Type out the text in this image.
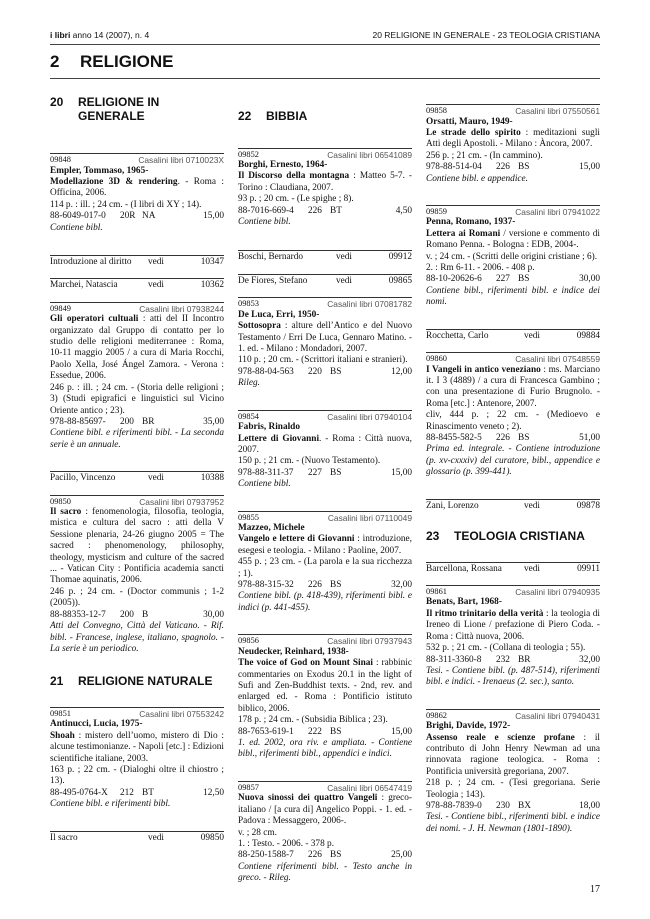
i libri anno 14 (2007), n. 4	20 RELIGIONE IN GENERALE - 23 TEOLOGIA CRISTIANA
2 RELIGIONE
20	RELIGIONE IN GENERALE
09848	Casalini libri 0710023X
Empler, Tommaso, 1965-
Modellazione 3D & rendering. - Roma : Officina, 2006.
114 p. : ill. ; 24 cm. - (I libri di XY ; 14).
88-6049-017-0	20R NA	15,00
Contiene bibl.
Introduzione al diritto	vedi	10347
Marchei, Natascia	vedi	10362
09849	Casalini libri 07938244
Gli operatori cultuali : atti del II Incontro organizzato dal Gruppo di contatto per lo studio delle religioni mediterranee : Roma, 10-11 maggio 2005 / a cura di Maria Rocchi, Paolo Xella, José Ángel Zamora. - Verona : Essedue, 2006.
246 p. : ill. ; 24 cm. - (Storia delle religioni ; 3) (Studi epigrafici e linguistici sul Vicino Oriente antico ; 23).
978-88-85697-	200 BR	35,00
Contiene bibl. e riferimenti bibl. - La seconda serie è un annuale.
Pacillo, Vincenzo	vedi	10388
09850	Casalini libri 07937952
Il sacro : fenomenologia, filosofia, teologia, mistica e cultura del sacro : atti della V Sessione plenaria, 24-26 giugno 2005 = The sacred : phenomenology, philosophy, theology, mysticism and culture of the sacred ... - Vatican City : Pontificia academia sancti Thomae aquinatis, 2006.
246 p. ; 24 cm. - (Doctor communis ; 1-2 (2005)).
88-88353-12-7	200 B	30,00
Atti del Convegno, Città del Vaticano. - Rif. bibl. - Francese, inglese, italiano, spagnolo. - La serie è un periodico.
21	RELIGIONE NATURALE
09851	Casalini libri 07553242
Antinucci, Lucia, 1975-
Shoah : mistero dell’uomo, mistero di Dio : alcune testimonianze. - Napoli [etc.] : Edizioni scientifiche italiane, 2003.
163 p. ; 22 cm. - (Dialoghi oltre il chiostro ; 13).
88-495-0764-X	212 BT	12,50
Contiene bibl. e riferimenti bibl.
Il sacro	vedi	09850
22	BIBBIA
09852	Casalini libri 06541089
Borghi, Ernesto, 1964-
Il Discorso della montagna : Matteo 5-7. - Torino : Claudiana, 2007.
93 p. ; 20 cm. - (Le spighe ; 8).
88-7016-669-4	226 BT	4,50
Contiene bibl.
Boschi, Bernardo	vedi	09912
De Fiores, Stefano	vedi	09865
09853	Casalini libri 07081782
De Luca, Erri, 1950-
Sottosopra : alture dell’Antico e del Nuovo Testamento / Erri De Luca, Gennaro Matino. - 1. ed. - Milano : Mondadori, 2007.
110 p. ; 20 cm. - (Scrittori italiani e stranieri).
978-88-04-563	220 BS	12,00
Rileg.
09854	Casalini libri 07940104
Fabris, Rinaldo
Lettere di Giovanni. - Roma : Città nuova, 2007.
150 p. ; 21 cm. - (Nuovo Testamento).
978-88-311-37	227 BS	15,00
Contiene bibl.
09855	Casalini libri 07110049
Mazzeo, Michele
Vangelo e lettere di Giovanni : introduzione, esegesi e teologia. - Milano : Paoline, 2007.
455 p. ; 23 cm. - (La parola e la sua ricchezza ; 1).
978-88-315-32	226 BS	32,00
Contiene bibl. (p. 418-439), riferimenti bibl. e indici (p. 441-455).
09856	Casalini libri 07937943
Neudecker, Reinhard, 1938-
The voice of God on Mount Sinai : rabbinic commentaries on Exodus 20.1 in the light of Sufi and Zen-Buddhist texts. - 2nd, rev. and enlarged ed. - Roma : Pontificio istituto biblico, 2006.
178 p. ; 24 cm. - (Subsidia Biblica ; 23).
88-7653-619-1	222 BS	15,00
1. ed. 2002, ora riv. e ampliata. - Contiene bibl., riferimenti bibl., appendici e indici.
09857	Casalini libri 06547419
Nuova sinossi dei quattro Vangeli : greco-italiano / [a cura di] Angelico Poppi. - 1. ed. - Padova : Messaggero, 2006-.
v. ; 28 cm.
1. : Testo. - 2006. - 378 p.
88-250-1588-7	226 BS	25,00
Contiene riferimenti bibl. - Testo anche in greco. - Rileg.
09858	Casalini libri 07550561
Orsatti, Mauro, 1949-
Le strade dello spirito : meditazioni sugli Atti degli Apostoli. - Milano : Àncora, 2007.
256 p. ; 21 cm. - (In cammino).
978-88-514-04	226 BS	15,00
Contiene bibl. e appendice.
09859	Casalini libri 07941022
Penna, Romano, 1937-
Lettera ai Romani / versione e commento di Romano Penna. - Bologna : EDB, 2004-.
v. ; 24 cm. - (Scritti delle origini cristiane ; 6).
2. : Rm 6-11. - 2006. - 408 p.
88-10-20626-6	227 BS	30,00
Contiene bibl., riferimenti bibl. e indice dei nomi.
Rocchetta, Carlo	vedi	09884
09860	Casalini libri 07548559
I Vangeli in antico veneziano : ms. Marciano it. I 3 (4889) / a cura di Francesca Gambino ; con una presentazione di Furio Brugnolo. - Roma [etc.] : Antenore, 2007.
cliv, 444 p. ; 22 cm. - (Medioevo e Rinascimento veneto ; 2).
88-8455-582-5	226 BS	51,00
Prima ed. integrale. - Contiene introduzione (p. xv-cxxxiv) del curatore, bibl., appendice e glossario (p. 399-441).
Zani, Lorenzo	vedi	09878
23	TEOLOGIA CRISTIANA
Barcellona, Rossana	vedi	09911
09861	Casalini libri 07940935
Benats, Bart, 1968-
Il ritmo trinitario della verità : la teologia di Ireneo di Lione / prefazione di Piero Coda. - Roma : Città nuova, 2006.
532 p. ; 21 cm. - (Collana di teologia ; 55).
88-311-3360-8	232 BR	32,00
Tesi. - Contiene bibl. (p. 487-514), riferimenti bibl. e indici. - Irenaeus (2. sec.), santo.
09862	Casalini libri 07940431
Brighi, Davide, 1972-
Assenso reale e scienze profane : il contributo di John Henry Newman ad una rinnovata ragione teologica. - Roma : Pontificia università gregoriana, 2007.
218 p. ; 24 cm. - (Tesi gregoriana. Serie Teologia ; 143).
978-88-7839-0	230 BX	18,00
Tesi. - Contiene bibl., riferimenti bibl. e indice dei nomi. - J. H. Newman (1801-1890).
17
